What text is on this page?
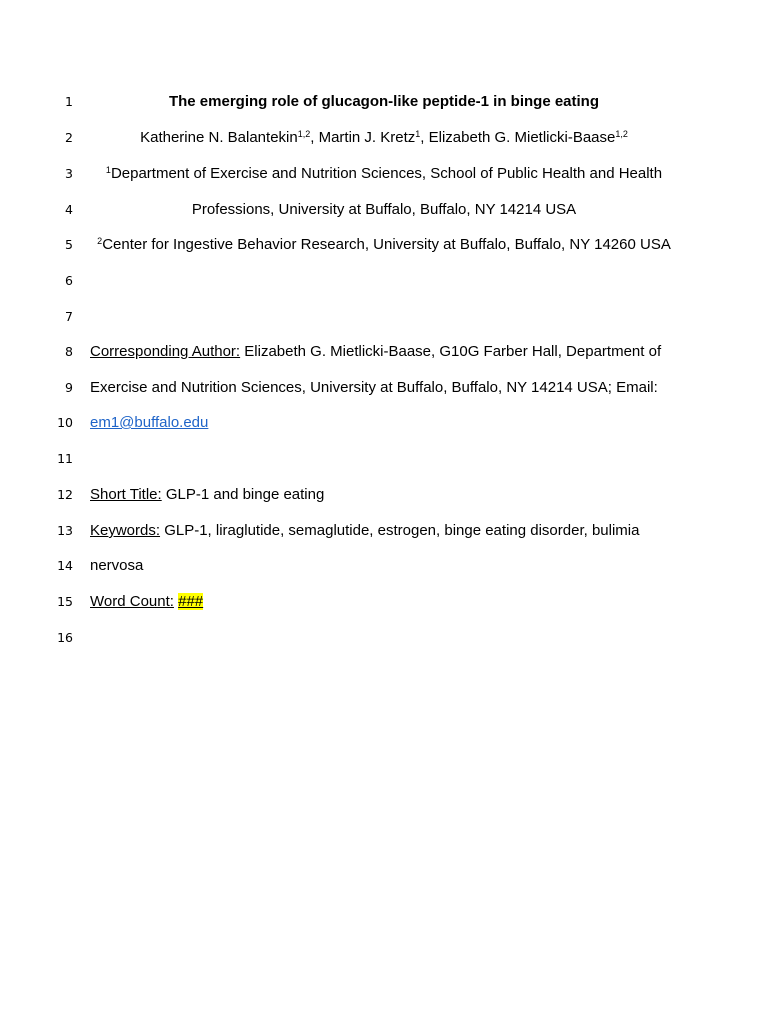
1	The emerging role of glucagon-like peptide-1 in binge eating
2	Katherine N. Balantekin$^{1,2}$, Martin J. Kretz$^1$, Elizabeth G. Mietlicki-Baase$^{1,2}$
3	$^1$Department of Exercise and Nutrition Sciences, School of Public Health and Health
4	Professions, University at Buffalo, Buffalo, NY 14214 USA
5	$^2$Center for Ingestive Behavior Research, University at Buffalo, Buffalo, NY 14260 USA
6
7
8 Corresponding Author: Elizabeth G. Mietlicki-Baase, G10G Farber Hall, Department of
9 Exercise and Nutrition Sciences, University at Buffalo, Buffalo, NY 14214 USA; Email:
10 em1@buffalo.edu
11
12 Short Title: GLP-1 and binge eating
13 Keywords: GLP-1, liraglutide, semaglutide, estrogen, binge eating disorder, bulimia
14 nervosa
15 Word Count: ###
16
